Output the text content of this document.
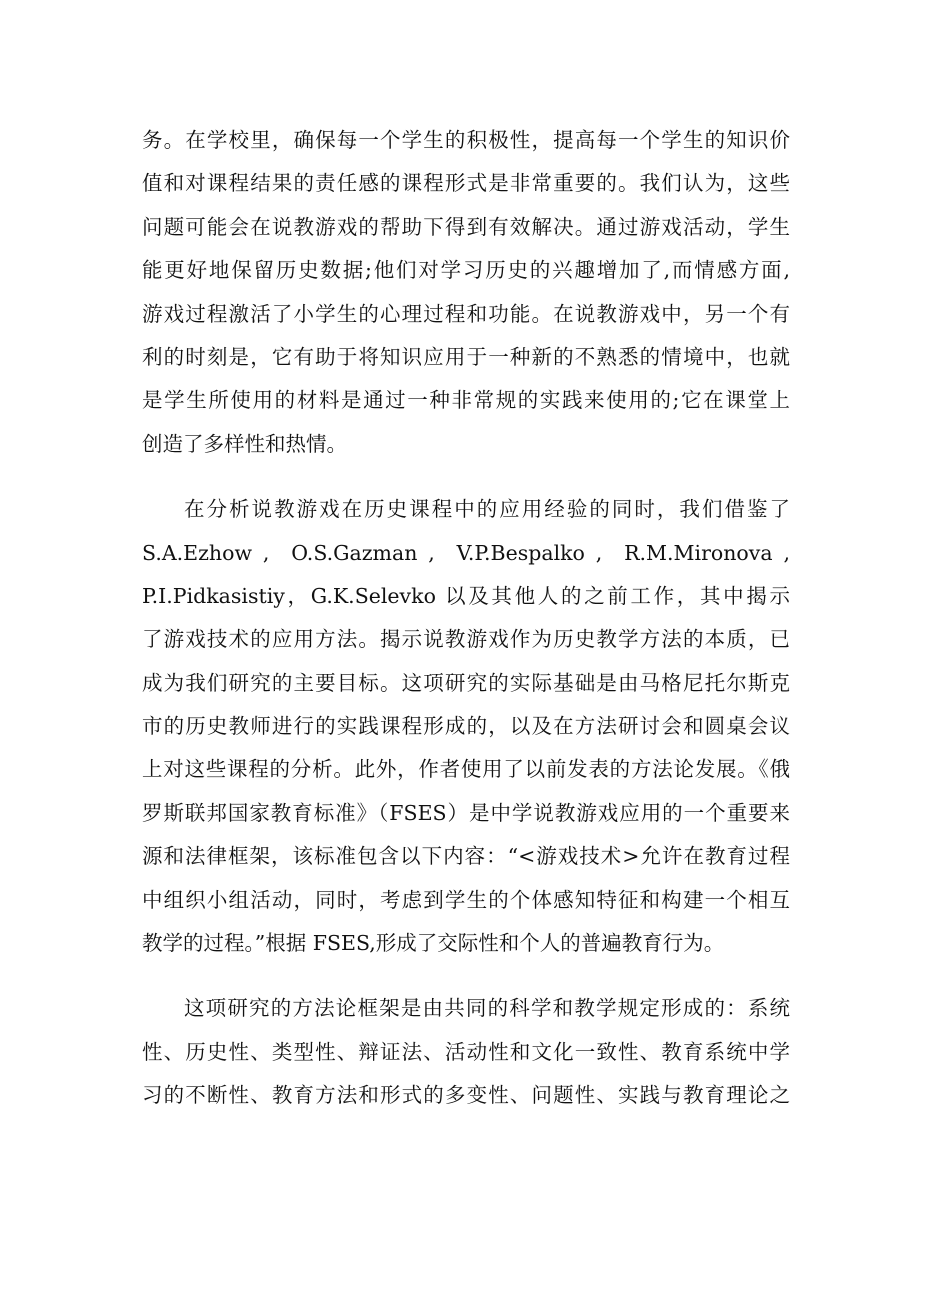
务。在学校里，确保每一个学生的积极性，提高每一个学生的知识价
值和对课程结果的责任感的课程形式是非常重要的。我们认为，这些
问题可能会在说教游戏的帮助下得到有效解决。通过游戏活动，学生
能更好地保留历史数据;他们对学习历史的兴趣增加了,而情感方面,
游戏过程激活了小学生的心理过程和功能。在说教游戏中，另一个有
利的时刻是，它有助于将知识应用于一种新的不熟悉的情境中，也就
是学生所使用的材料是通过一种非常规的实践来使用的;它在课堂上
创造了多样性和热情。
在分析说教游戏在历史课程中的应用经验的同时，我们借鉴了
S.A.Ezhow ,  O.S.Gazman ,  V.P.Bespalko ,  R.M.Mironova ,
P.I.Pidkasistiy，G.K.Selevko 以及其他人的之前工作，其中揭示
了游戏技术的应用方法。揭示说教游戏作为历史教学方法的本质，已
成为我们研究的主要目标。这项研究的实际基础是由马格尼托尔斯克
市的历史教师进行的实践课程形成的，以及在方法研讨会和圆桌会议
上对这些课程的分析。此外，作者使用了以前发表的方法论发展。《俄
罗斯联邦国家教育标准》（FSES）是中学说教游戏应用的一个重要来
源和法律框架，该标准包含以下内容：“<游戏技术>允许在教育过程
中组织小组活动，同时，考虑到学生的个体感知特征和构建一个相互
教学的过程。”根据 FSES,形成了交际性和个人的普遍教育行为。
这项研究的方法论框架是由共同的科学和教学规定形成的：系统
性、历史性、类型性、辩证法、活动性和文化一致性、教育系统中学
习的不断性、教育方法和形式的多变性、问题性、实践与教育理论之
